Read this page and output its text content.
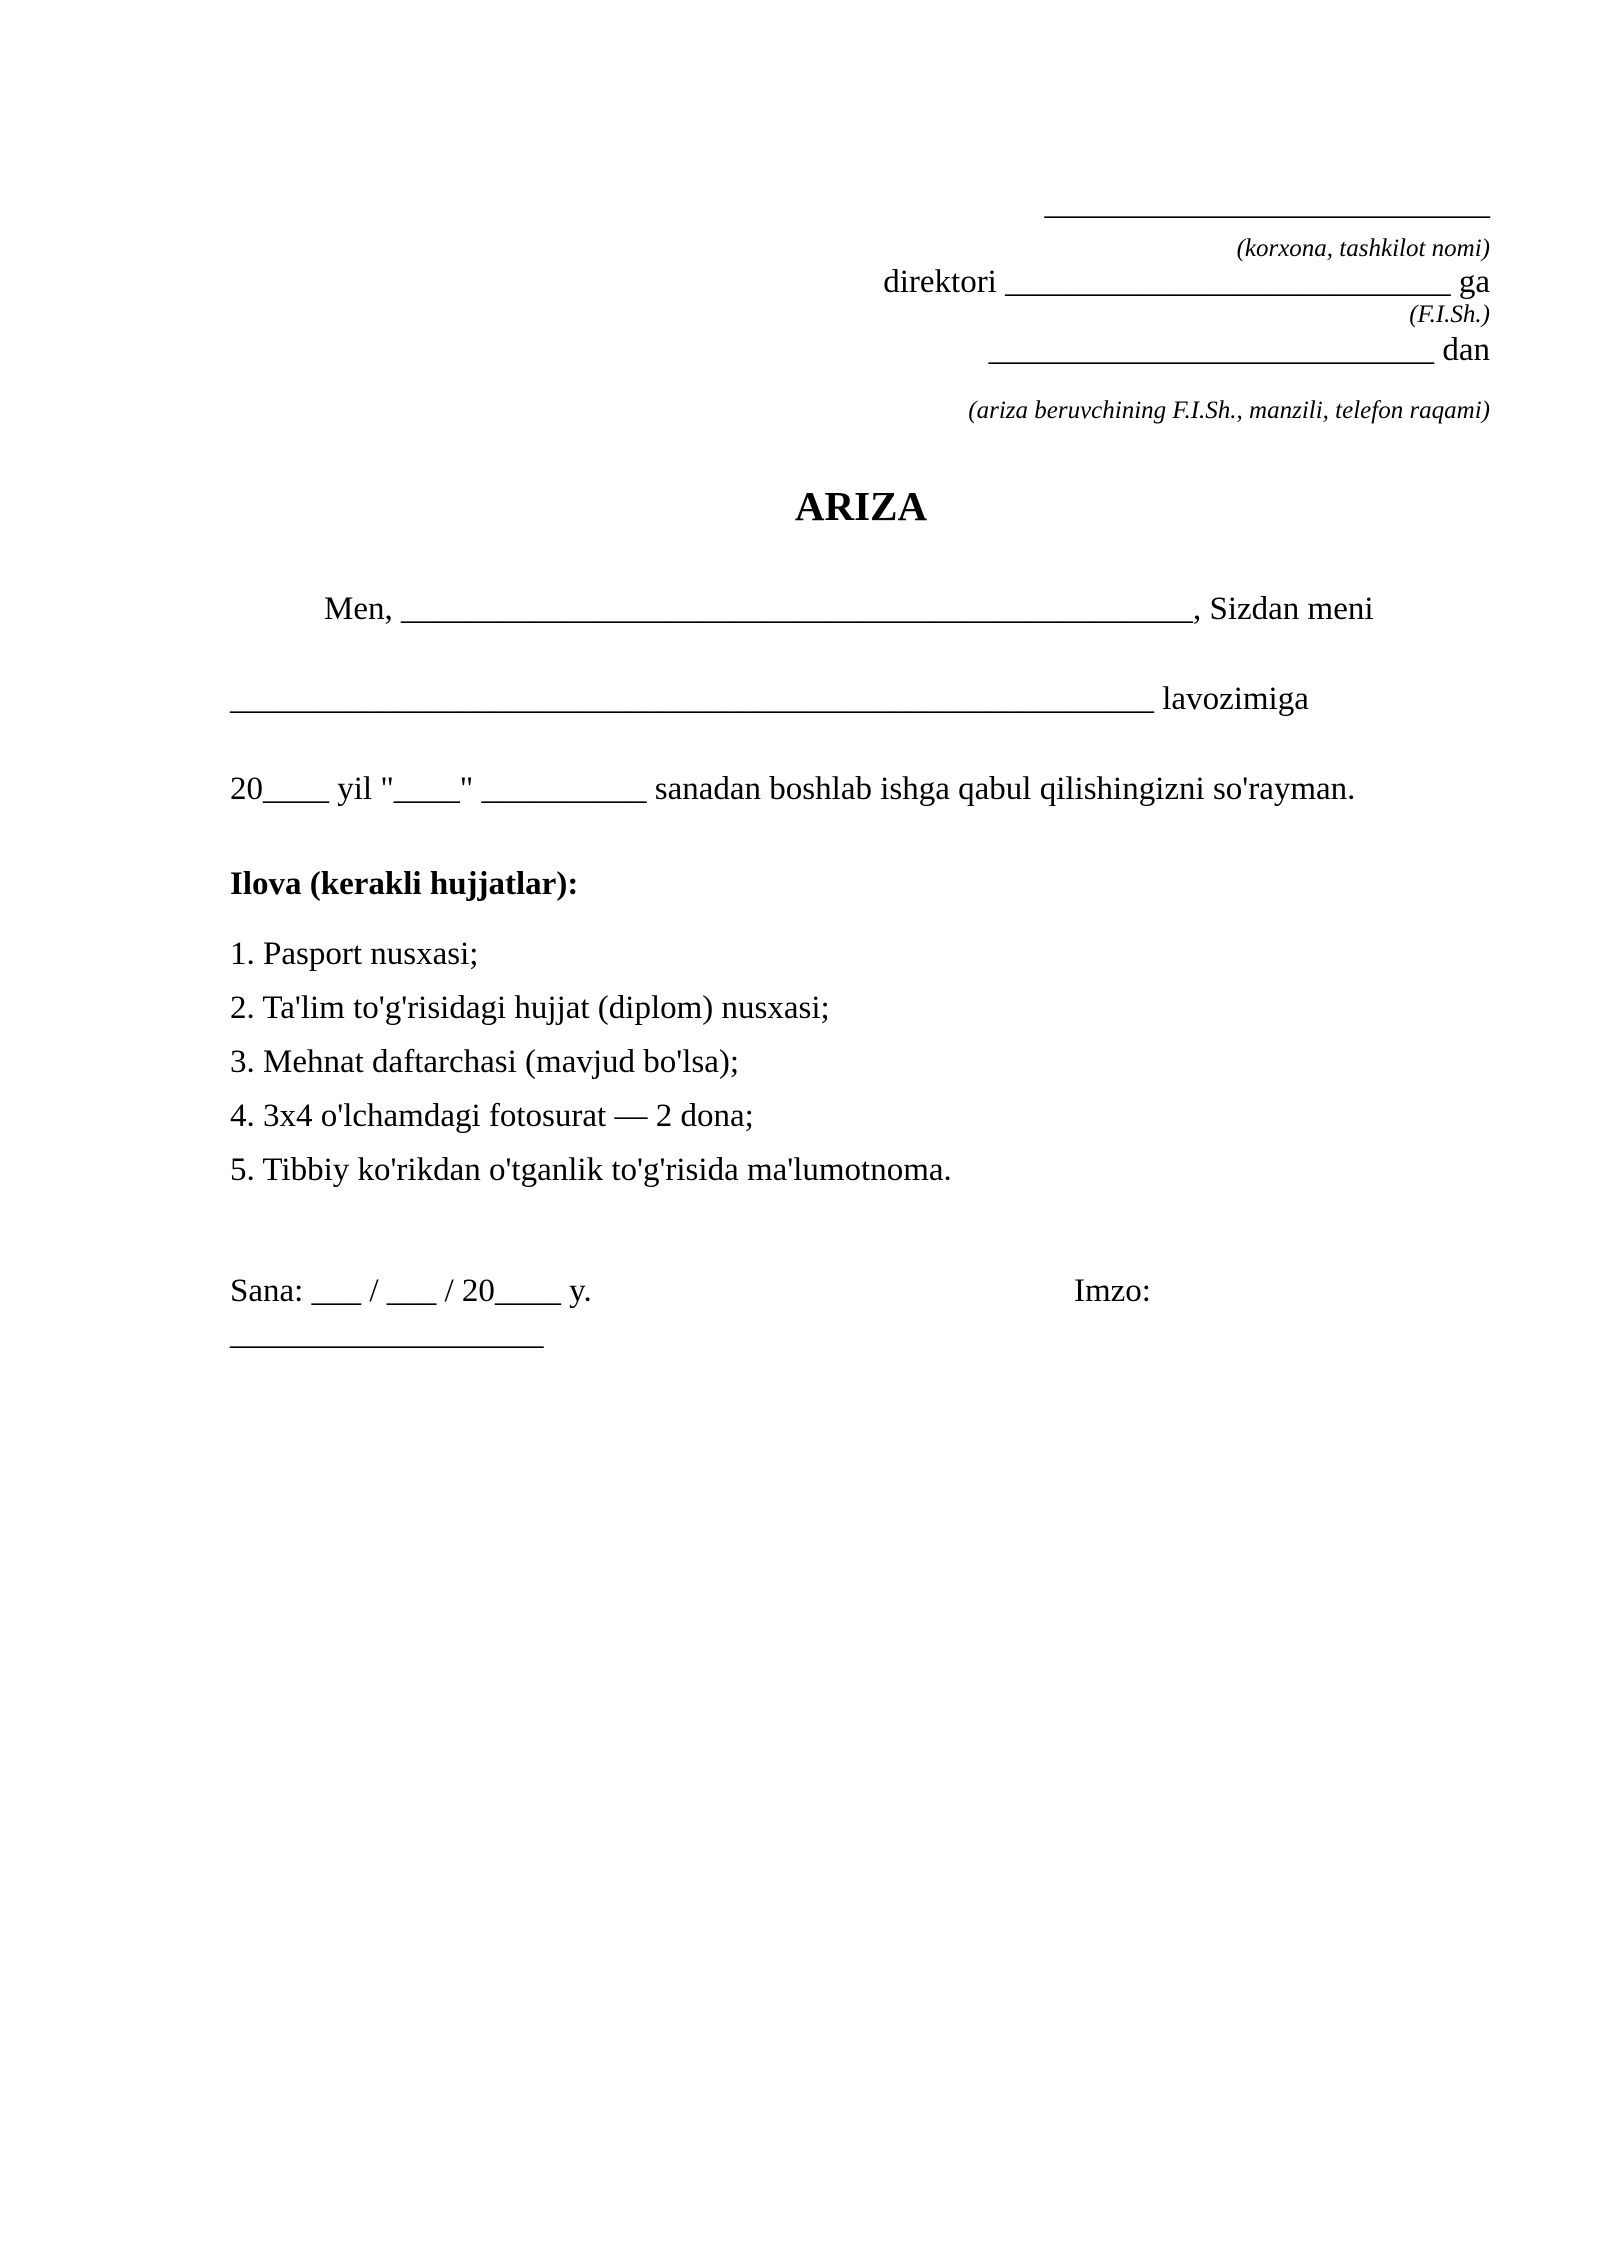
___________________________
(korxona, tashkilot nomi)
direktori ___________________________ ga
(F.I.Sh.)
___________________________ dan
(ariza beruvchining F.I.Sh., manzili, telefon raqami)
ARIZA
Men, ________________________________________________, Sizdan meni
________________________________________________________ lavozimiga
20____ yil "____" __________ sanadan boshlab ishga qabul qilishingizni so'rayman.
Ilova (kerakli hujjatlar):
1. Pasport nusxasi;
2. Ta'lim to'g'risidagi hujjat (diplom) nusxasi;
3. Mehnat daftarchasi (mavjud bo'lsa);
4. 3x4 o'lchamdagi fotosurat — 2 dona;
5. Tibbiy ko'rikdan o'tganlik to'g'risida ma'lumotnoma.
Sana: ___ / ___ / 20____ y.	Imzo:
___________________
